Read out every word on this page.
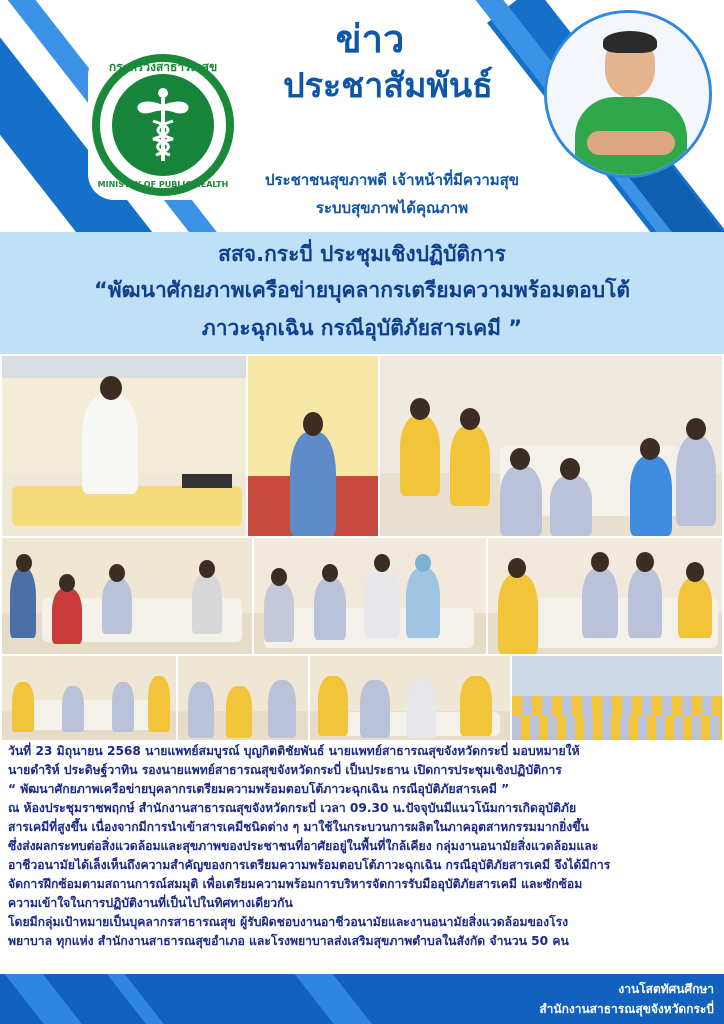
กระทรวงสาธารณสุข
MINISTRY OF PUBLIC HEALTH
ข่าว
ประชาสัมพันธ์
ประชาชนสุขภาพดี เจ้าหน้าที่มีความสุข
ระบบสุขภาพได้คุณภาพ
สสจ.กระบี่ ประชุมเชิงปฏิบัติการ
“พัฒนาศักยภาพเครือข่ายบุคลากรเตรียมความพร้อมตอบโต้
ภาวะฉุกเฉิน กรณีอุบัติภัยสารเคมี ”

วันที่ 23 มิถุนายน 2568 นายแพทย์สมบูรณ์ บุญกิตติชัยพันธ์ นายแพทย์สาธารณสุขจังหวัดกระบี่ มอบหมายให้

นายดำริห์ ประดิษฐ์วาทิน รองนายแพทย์สาธารณสุขจังหวัดกระบี่ เป็นประธาน เปิดการประชุมเชิงปฏิบัติการ

“ พัฒนาศักยภาพเครือข่ายบุคลากรเตรียมความพร้อมตอบโต้ภาวะฉุกเฉิน กรณีอุบัติภัยสารเคมี ”

ณ ห้องประชุมราชพฤกษ์ สำนักงานสาธารณสุขจังหวัดกระบี่ เวลา 09.30 น.ปัจจุบันมีแนวโน้มการเกิดอุบัติภัย

สารเคมีที่สูงขึ้น เนื่องจากมีการนำเข้าสารเคมีชนิดต่าง ๆ มาใช้ในกระบวนการผลิตในภาคอุตสาหกรรมมากยิ่งขึ้น

ซึ่งส่งผลกระทบต่อสิ่งแวดล้อมและสุขภาพของประชาชนที่อาศัยอยู่ในพื้นที่ใกล้เคียง กลุ่มงานอนามัยสิ่งแวดล้อมและ

อาชีวอนามัยได้เล็งเห็นถึงความสำคัญของการเตรียมความพร้อมตอบโต้ภาวะฉุกเฉิน กรณีอุบัติภัยสารเคมี จึงได้มีการ

จัดการฝึกซ้อมตามสถานการณ์สมมุติ เพื่อเตรียมความพร้อมการบริหารจัดการรับมืออุบัติภัยสารเคมี และซักซ้อม

ความเข้าใจในการปฏิบัติงานที่เป็นไปในทิศทางเดียวกัน

โดยมีกลุ่มเป้าหมายเป็นบุคลากรสาธารณสุข ผู้รับผิดชอบงานอาชีวอนามัยและงานอนามัยสิ่งแวดล้อมของโรง

พยาบาล ทุกแห่ง สำนักงานสาธารณสุขอำเภอ และโรงพยาบาลส่งเสริมสุขภาพตำบลในสังกัด จำนวน 50 คน

งานโสตทัศนศึกษา
สำนักงานสาธารณสุขจังหวัดกระบี่
